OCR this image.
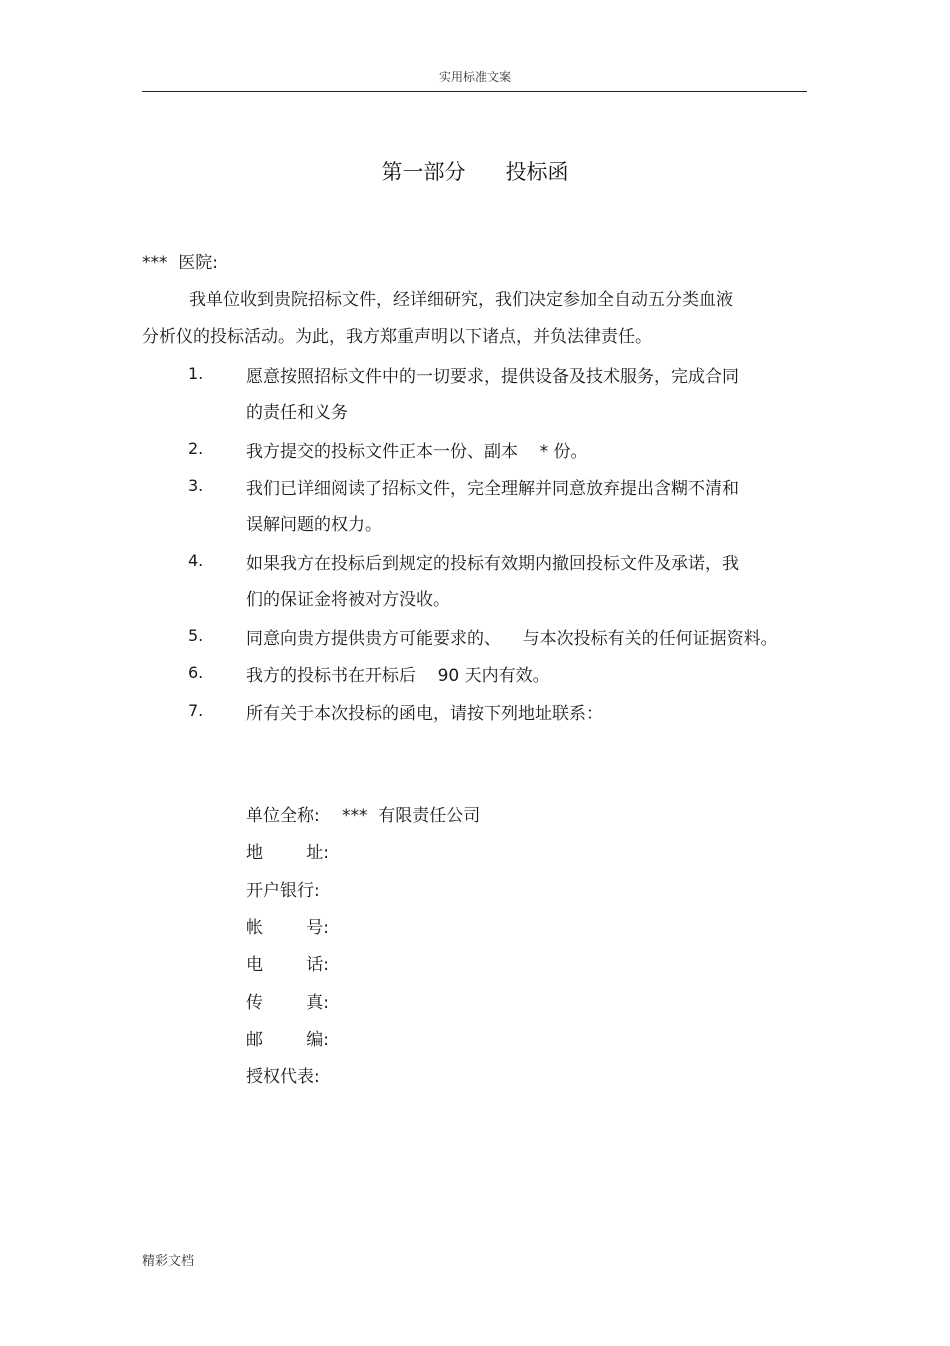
实用标准文案
第一部分      投标函
***  医院:
我单位收到贵院招标文件，经详细研究，我们决定参加全自动五分类血液
分析仪的投标活动。为此，我方郑重声明以下诸点，并负法律责任。
1.	愿意按照招标文件中的一切要求，提供设备及技术服务，完成合同
的责任和义务
2.	我方提交的投标文件正本一份、副本    * 份。
3.	我们已详细阅读了招标文件，完全理解并同意放弃提出含糊不清和
误解问题的权力。
4.	如果我方在投标后到规定的投标有效期内撤回投标文件及承诺，我
们的保证金将被对方没收。
5.	同意向贵方提供贵方可能要求的、    与本次投标有关的任何证据资料。
6.	我方的投标书在开标后    90 天内有效。
7.	所有关于本次投标的函电，请按下列地址联系：
单位全称: ***  有限责任公司
地        址:
开户银行:
帐        号:
电        话:
传        真:
邮        编:
授权代表:
精彩文档
